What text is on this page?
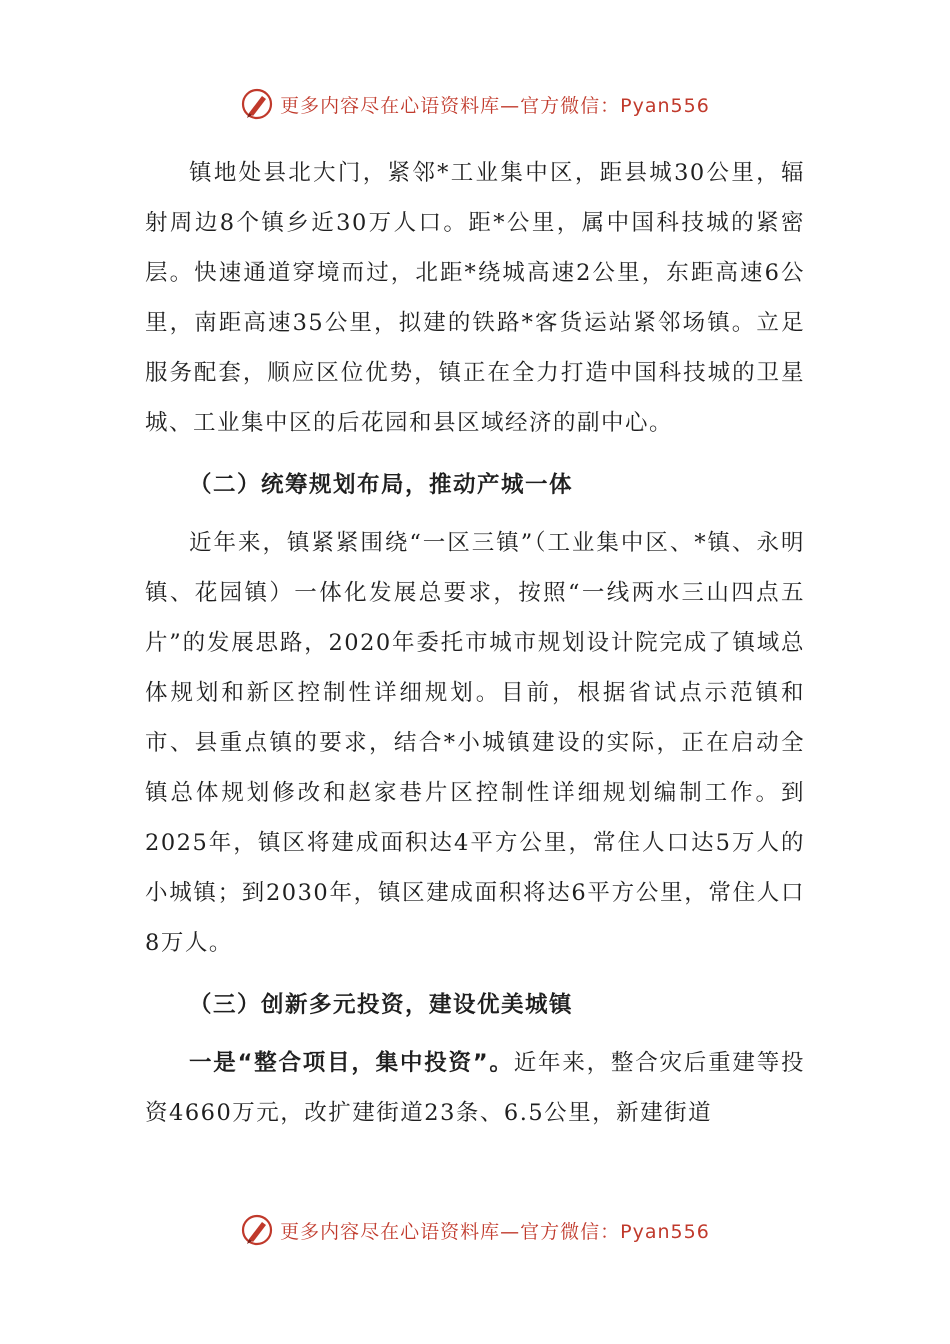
更多内容尽在心语资料库—官方微信：Pyan556

镇地处县北大门，紧邻*工业集中区，距县城30公里，辐射周边8个镇乡近30万人口。距*公里，属中国科技城的紧密层。快速通道穿境而过，北距*绕城高速2公里，东距高速6公里，南距高速35公里，拟建的铁路*客货运站紧邻场镇。立足服务配套，顺应区位优势，镇正在全力打造中国科技城的卫星城、工业集中区的后花园和县区域经济的副中心。

（二）统筹规划布局，推动产城一体

近年来，镇紧紧围绕“一区三镇”（工业集中区、*镇、永明镇、花园镇）一体化发展总要求，按照“一线两水三山四点五片”的发展思路，2020年委托市城市规划设计院完成了镇域总体规划和新区控制性详细规划。目前，根据省试点示范镇和市、县重点镇的要求，结合*小城镇建设的实际，正在启动全镇总体规划修改和赵家巷片区控制性详细规划编制工作。到2025年，镇区将建成面积达4平方公里，常住人口达5万人的小城镇；到2030年，镇区建成面积将达6平方公里，常住人口8万人。

（三）创新多元投资，建设优美城镇

一是“整合项目，集中投资”。近年来，整合灾后重建等投资4660万元，改扩建街道23条、6.5公里，新建街道

更多内容尽在心语资料库—官方微信：Pyan556
